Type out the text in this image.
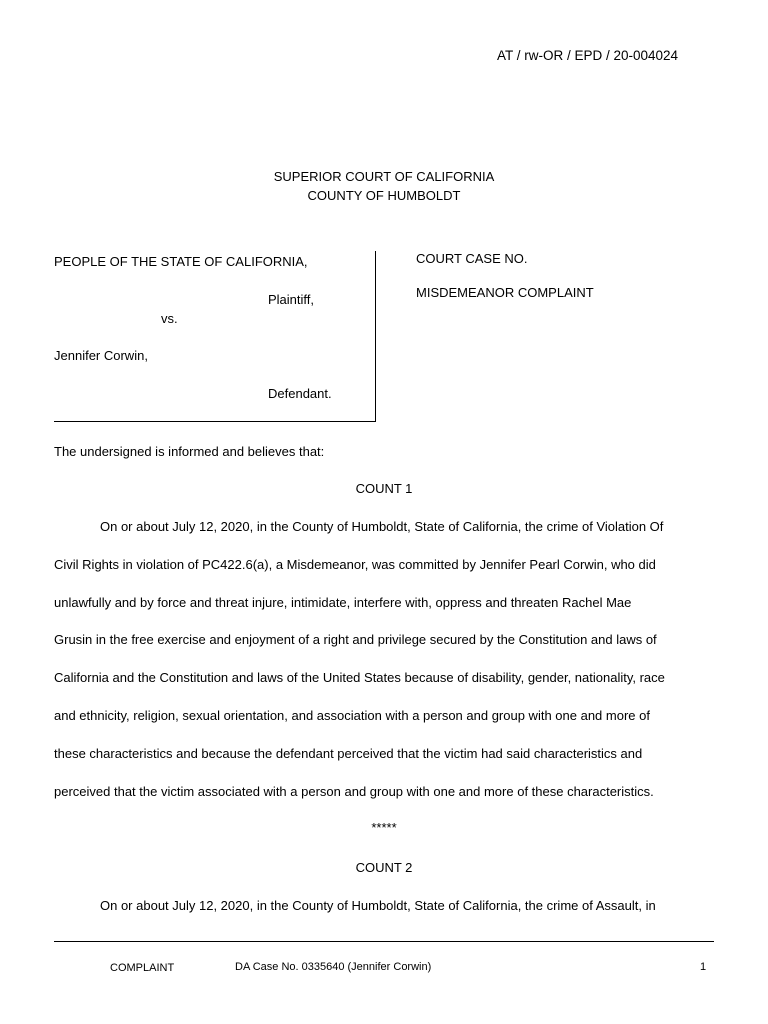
AT / rw-OR / EPD / 20-004024
SUPERIOR COURT OF CALIFORNIA
COUNTY OF HUMBOLDT
PEOPLE OF THE STATE OF CALIFORNIA,
Plaintiff,
vs.
Jennifer Corwin,
Defendant.
COURT CASE NO.
MISDEMEANOR COMPLAINT
The undersigned is informed and believes that:
COUNT 1
On or about July 12, 2020, in the County of Humboldt, State of California, the crime of Violation Of
Civil Rights in violation of PC422.6(a), a Misdemeanor, was committed by Jennifer Pearl Corwin, who did
unlawfully and by force and threat injure, intimidate, interfere with, oppress and threaten Rachel Mae
Grusin in the free exercise and enjoyment of a right and privilege secured by the Constitution and laws of
California and the Constitution and laws of the United States because of disability, gender, nationality, race
and ethnicity, religion, sexual orientation, and association with a person and group with one and more of
these characteristics and because the defendant perceived that the victim had said characteristics and
perceived that the victim associated with a person and group with one and more of these characteristics.
*****
COUNT 2
On or about July 12, 2020, in the County of Humboldt, State of California, the crime of Assault, in
COMPLAINT	DA Case No. 0335640 (Jennifer Corwin)	1
